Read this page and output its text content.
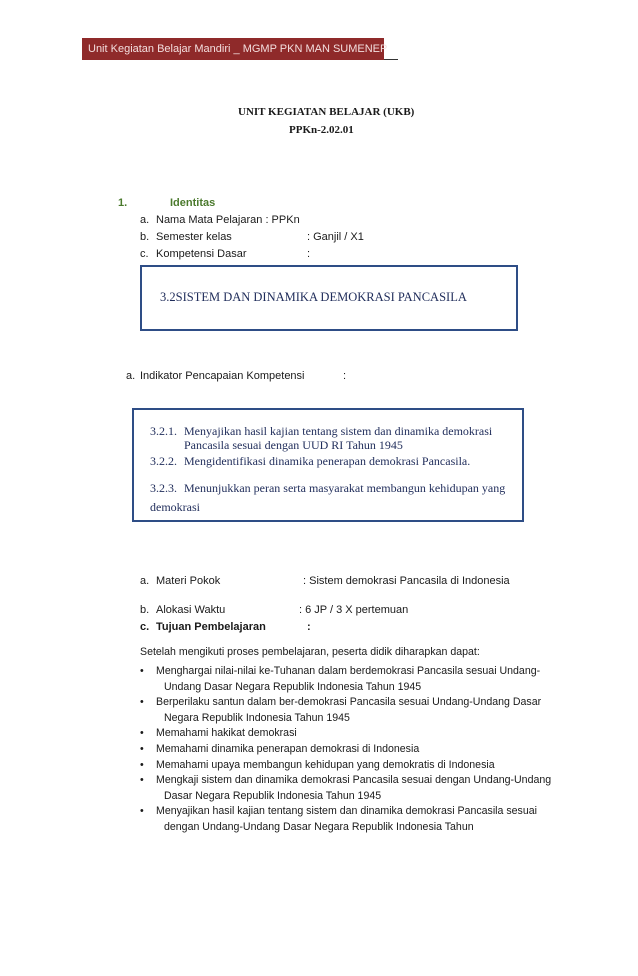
Unit Kegiatan Belajar Mandiri _ MGMP PKN MAN SUMENEP
UNIT KEGIATAN BELAJAR (UKB)
PPKn-2.02.01
1.	Identitas
a. Nama Mata Pelajaran : PPKn
b. Semester kelas	: Ganjil / X1
c. Kompetensi Dasar	:
3.2SISTEM DAN DINAMIKA DEMOKRASI PANCASILA
a. Indikator Pencapaian Kompetensi	:
3.2.1. Menyajikan hasil kajian tentang sistem dan dinamika demokrasi
Pancasila sesuai dengan UUD RI Tahun 1945
3.2.2. Mengidentifikasi dinamika penerapan demokrasi Pancasila.
3.2.3. Menunjukkan peran serta masyarakat membangun kehidupan yang
demokrasi
a. Materi Pokok	: Sistem demokrasi Pancasila di Indonesia
b. Alokasi Waktu	: 6 JP / 3 X pertemuan
c. Tujuan Pembelajaran	:
Setelah mengikuti proses pembelajaran, peserta didik diharapkan dapat:
• Menghargai nilai-nilai ke-Tuhanan dalam berdemokrasi Pancasila sesuai Undang-
Undang Dasar Negara Republik Indonesia Tahun 1945
• Berperilaku santun dalam ber-demokrasi Pancasila sesuai Undang-Undang Dasar
Negara Republik Indonesia Tahun 1945
• Memahami hakikat demokrasi
• Memahami dinamika penerapan demokrasi di Indonesia
• Memahami upaya membangun kehidupan yang demokratis di Indonesia
• Mengkaji sistem dan dinamika demokrasi Pancasila sesuai dengan Undang-Undang
Dasar Negara Republik Indonesia Tahun 1945
• Menyajikan hasil kajian tentang sistem dan dinamika demokrasi Pancasila sesuai
dengan Undang-Undang Dasar Negara Republik Indonesia Tahun
